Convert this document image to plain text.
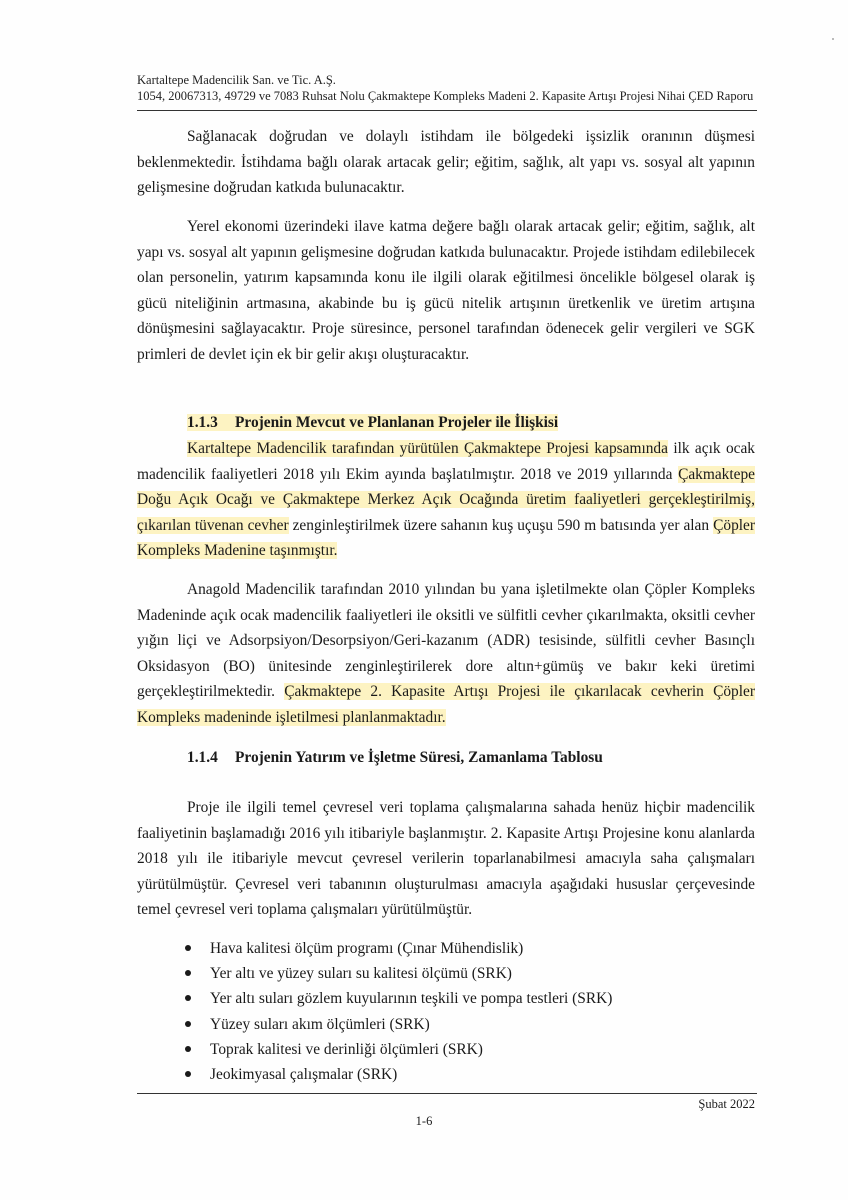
Kartaltepe Madencilik San. ve Tic. A.Ş.
1054, 20067313, 49729 ve 7083 Ruhsat Nolu Çakmaktepe Kompleks Madeni 2. Kapasite Artışı Projesi Nihai ÇED Raporu

Sağlanacak doğrudan ve dolaylı istihdam ile bölgedeki işsizlik oranının düşmesi beklenmektedir. İstihdama bağlı olarak artacak gelir; eğitim, sağlık, alt yapı vs. sosyal alt yapının gelişmesine doğrudan katkıda bulunacaktır.

Yerel ekonomi üzerindeki ilave katma değere bağlı olarak artacak gelir; eğitim, sağlık, alt yapı vs. sosyal alt yapının gelişmesine doğrudan katkıda bulunacaktır. Projede istihdam edilebilecek olan personelin, yatırım kapsamında konu ile ilgili olarak eğitilmesi öncelikle bölgesel olarak iş gücü niteliğinin artmasına, akabinde bu iş gücü nitelik artışının üretkenlik ve üretim artışına dönüşmesini sağlayacaktır. Proje süresince, personel tarafından ödenecek gelir vergileri ve SGK primleri de devlet için ek bir gelir akışı oluşturacaktır.

1.1.3 Projenin Mevcut ve Planlanan Projeler ile İlişkisi

Kartaltepe Madencilik tarafından yürütülen Çakmaktepe Projesi kapsamında ilk açık ocak madencilik faaliyetleri 2018 yılı Ekim ayında başlatılmıştır. 2018 ve 2019 yıllarında Çakmaktepe Doğu Açık Ocağı ve Çakmaktepe Merkez Açık Ocağında üretim faaliyetleri gerçekleştirilmiş, çıkarılan tüvenan cevher zenginleştirilmek üzere sahanın kuş uçuşu 590 m batısında yer alan Çöpler Kompleks Madenine taşınmıştır.

Anagold Madencilik tarafından 2010 yılından bu yana işletilmekte olan Çöpler Kompleks Madeninde açık ocak madencilik faaliyetleri ile oksitli ve sülfitli cevher çıkarılmakta, oksitli cevher yığın liçi ve Adsorpsiyon/Desorpsiyon/Geri-kazanım (ADR) tesisinde, sülfitli cevher Basınçlı Oksidasyon (BO) ünitesinde zenginleştirilerek dore altın+gümüş ve bakır keki üretimi gerçekleştirilmektedir. Çakmaktepe 2. Kapasite Artışı Projesi ile çıkarılacak cevherin Çöpler Kompleks madeninde işletilmesi planlanmaktadır.

1.1.4 Projenin Yatırım ve İşletme Süresi, Zamanlama Tablosu

Proje ile ilgili temel çevresel veri toplama çalışmalarına sahada henüz hiçbir madencilik faaliyetinin başlamadığı 2016 yılı itibariyle başlanmıştır. 2. Kapasite Artışı Projesine konu alanlarda 2018 yılı ile itibariyle mevcut çevresel verilerin toparlanabilmesi amacıyla saha çalışmaları yürütülmüştür. Çevresel veri tabanının oluşturulması amacıyla aşağıdaki hususlar çerçevesinde temel çevresel veri toplama çalışmaları yürütülmüştür.

Hava kalitesi ölçüm programı (Çınar Mühendislik)
Yer altı ve yüzey suları su kalitesi ölçümü (SRK)
Yer altı suları gözlem kuyularının teşkili ve pompa testleri (SRK)
Yüzey suları akım ölçümleri (SRK)
Toprak kalitesi ve derinliği ölçümleri (SRK)
Jeokimyasal çalışmalar (SRK)
Şubat 2022
1-6
